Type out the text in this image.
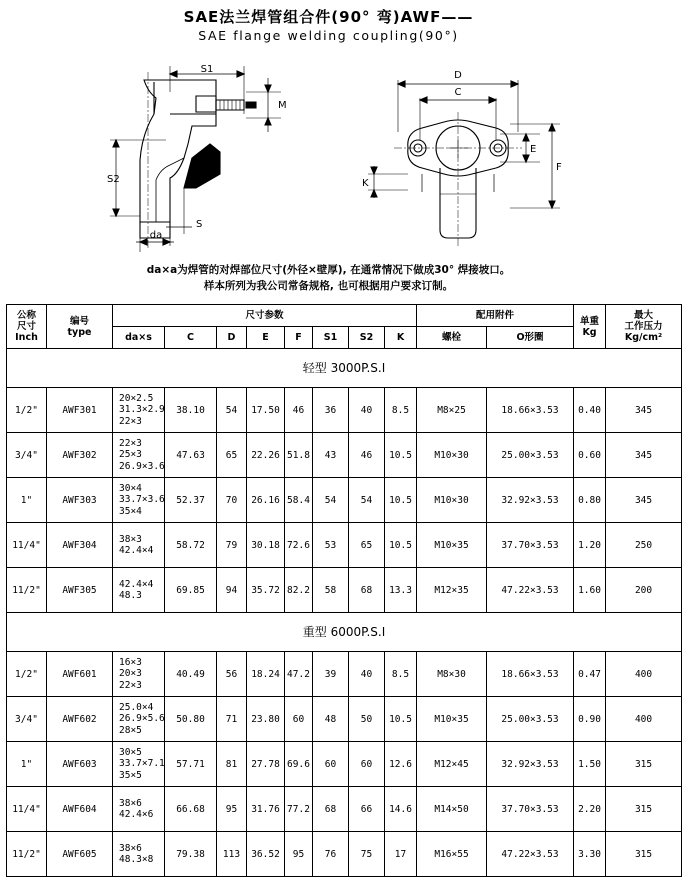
SAE法兰焊管组合件(90° 弯)AWF——
SAE flange welding coupling(90°)
S1
M
S2
S
da
D
C
E
F
K
da×a为焊管的对焊部位尺寸(外径×壁厚), 在通常情况下做成30° 焊接坡口。
样本所列为我公司常备规格, 也可根据用户要求订制。
公称
尺寸
Inch	编号
type	尺寸参数								配用附件		单重
Kg	最大
工作压力
Kg/cm²
		da×s	C	D	E	F	S1	S2	K	螺栓	O形圈		
轻型 3000P.S.I													
1/2"	AWF301	20×2.5
31.3×2.9
22×3	38.10	54	17.50	46	36	40	8.5	M8×25	18.66×3.53	0.40	345
3/4"	AWF302	22×3
25×3
26.9×3.6	47.63	65	22.26	51.8	43	46	10.5	M10×30	25.00×3.53	0.60	345
1"	AWF303	30×4
33.7×3.6
35×4	52.37	70	26.16	58.4	54	54	10.5	M10×30	32.92×3.53	0.80	345
11/4"	AWF304	38×3
42.4×4	58.72	79	30.18	72.6	53	65	10.5	M10×35	37.70×3.53	1.20	250
11/2"	AWF305	42.4×4
48.3	69.85	94	35.72	82.2	58	68	13.3	M12×35	47.22×3.53	1.60	200
重型 6000P.S.I													
1/2"	AWF601	16×3
20×3
22×3	40.49	56	18.24	47.2	39	40	8.5	M8×30	18.66×3.53	0.47	400
3/4"	AWF602	25.0×4
26.9×5.6
28×5	50.80	71	23.80	60	48	50	10.5	M10×35	25.00×3.53	0.90	400
1"	AWF603	30×5
33.7×7.1
35×5	57.71	81	27.78	69.6	60	60	12.6	M12×45	32.92×3.53	1.50	315
11/4"	AWF604	38×6
42.4×6	66.68	95	31.76	77.2	68	66	14.6	M14×50	37.70×3.53	2.20	315
11/2"	AWF605	38×6
48.3×8	79.38	113	36.52	95	76	75	17	M16×55	47.22×3.53	3.30	315
